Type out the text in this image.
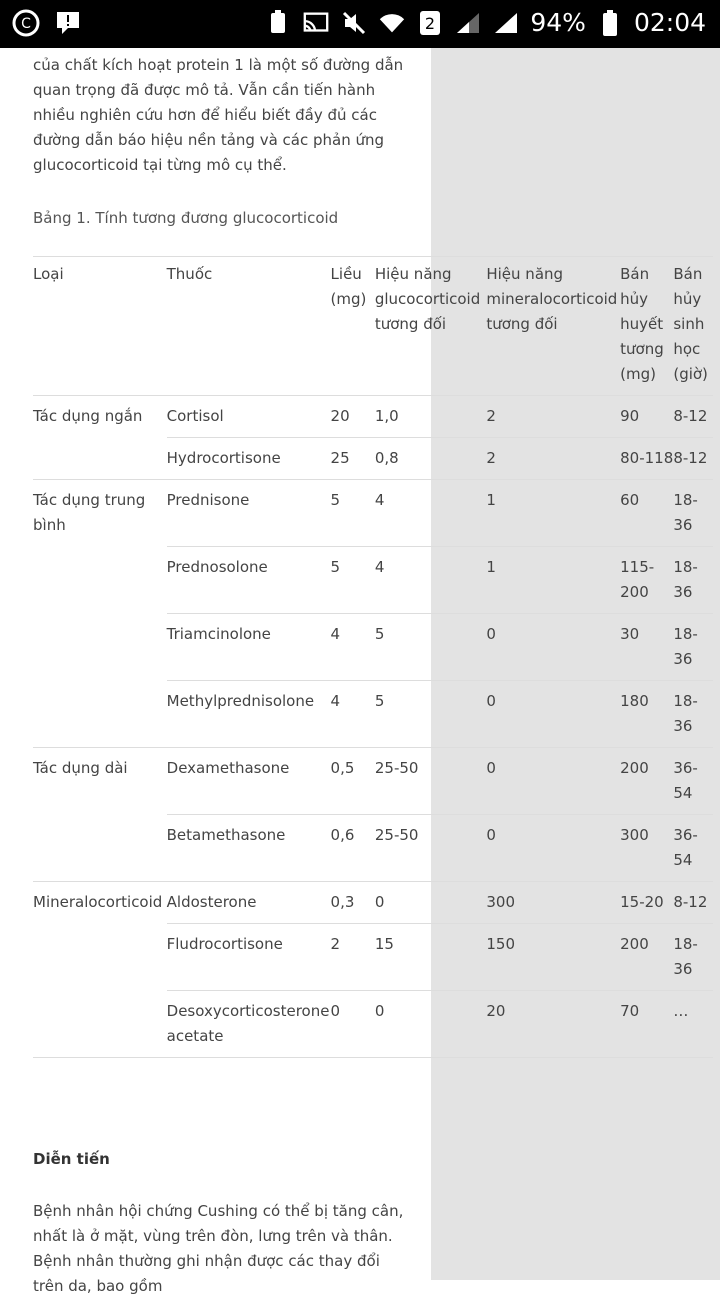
C	2	94% 02:04

của chất kích hoạt protein 1 là một số đường dẫn quan trọng đã được mô tả. Vẫn cần tiến hành nhiều nghiên cứu hơn để hiểu biết đầy đủ các đường dẫn báo hiệu nền tảng và các phản ứng glucocorticoid tại từng mô cụ thể.

Bảng 1. Tính tương đương glucocorticoid
Loại	Thuốc	Liều (mg)	Hiệu năng glucocorticoid tương đối	Hiệu năng mineralocorticoid tương đối	Bán hủy huyết tương (mg)	Bán hủy sinh học (giờ)
Tác dụng ngắn	Cortisol	20	1,0	2	90	8-12
	Hydrocortisone	25	0,8	2	80-118	8-12
Tác dụng trung bình	Prednisone	5	4	1	60	18-36
	Prednosolone	5	4	1	115-200	18-36
	Triamcinolone	4	5	0	30	18-36
	Methylprednisolone	4	5	0	180	18-36
Tác dụng dài	Dexamethasone	0,5	25-50	0	200	36-54
	Betamethasone	0,6	25-50	0	300	36-54
Mineralocorticoid	Aldosterone	0,3	0	300	15-20	8-12
	Fludrocortisone	2	15	150	200	18-36
	Desoxycorticosterone acetate	0	0	20	70	…

Diễn tiến

Bệnh nhân hội chứng Cushing có thể bị tăng cân, nhất là ở mặt, vùng trên đòn, lưng trên và thân. Bệnh nhân thường ghi nhận được các thay đổi trên da, bao gồm
